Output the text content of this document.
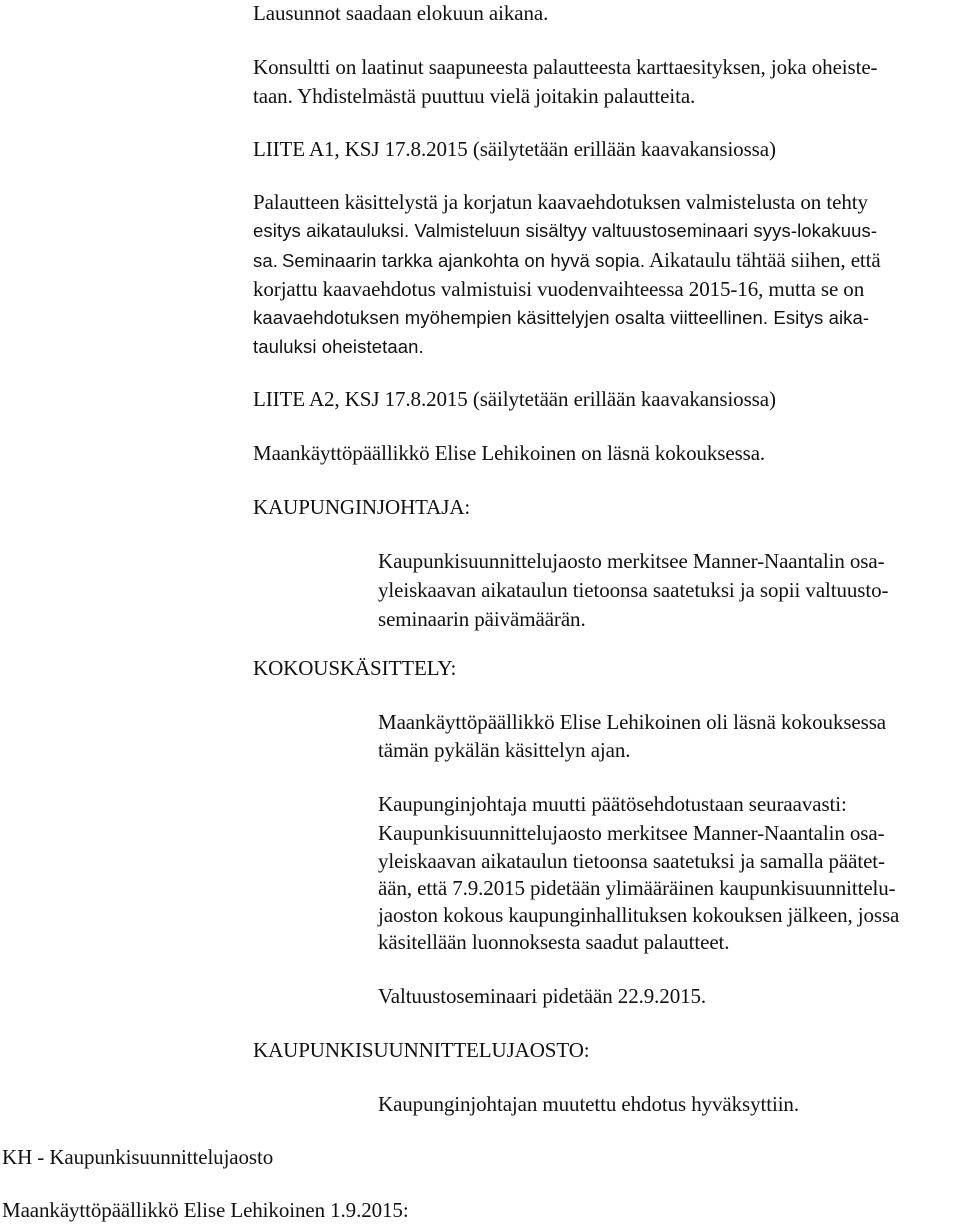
Lausunnot saadaan elokuun aikana.
Konsultti on laatinut saapuneesta palautteesta karttaesityksen, joka oheiste-
taan. Yhdistelmästä puuttuu vielä joitakin palautteita.
LIITE A1, KSJ 17.8.2015 (säilytetään erillään kaavakansiossa)
Palautteen käsittelystä ja korjatun kaavaehdotuksen valmistelusta on tehty
esitys aikatauluksi. Valmisteluun sisältyy valtuustoseminaari syys-lokakuus-
sa. Seminaarin tarkka ajankohta on hyvä sopia. Aikataulu tähtää siihen, että
korjattu kaavaehdotus valmistuisi vuodenvaihteessa 2015-16, mutta se on
kaavaehdotuksen myöhempien käsittelyjen osalta viitteellinen. Esitys aika-
tauluksi oheistetaan.
LIITE A2, KSJ 17.8.2015 (säilytetään erillään kaavakansiossa)
Maankäyttöpäällikkö Elise Lehikoinen on läsnä kokouksessa.
KAUPUNGINJOHTAJA:
Kaupunkisuunnittelujaosto merkitsee Manner-Naantalin osa-
yleiskaavan aikataulun tietoonsa saatetuksi ja sopii valtuusto-
seminaarin päivämäärän.
KOKOUSKÄSITTELY:
Maankäyttöpäällikkö Elise Lehikoinen oli läsnä kokouksessa
tämän pykälän käsittelyn ajan.
Kaupunginjohtaja muutti päätösehdotustaan seuraavasti:
Kaupunkisuunnittelujaosto merkitsee Manner-Naantalin osa-
yleiskaavan aikataulun tietoonsa saatetuksi ja samalla päätet-
ään, että 7.9.2015 pidetään ylimääräinen kaupunkisuunnittelu-
jaoston kokous kaupunginhallituksen kokouksen jälkeen, jossa
käsitellään luonnoksesta saadut palautteet.
Valtuustoseminaari pidetään 22.9.2015.
KAUPUNKISUUNNITTELUJAOSTO:
Kaupunginjohtajan muutettu ehdotus hyväksyttiin.
KH - Kaupunkisuunnittelujaosto
Maankäyttöpäällikkö Elise Lehikoinen 1.9.2015:
